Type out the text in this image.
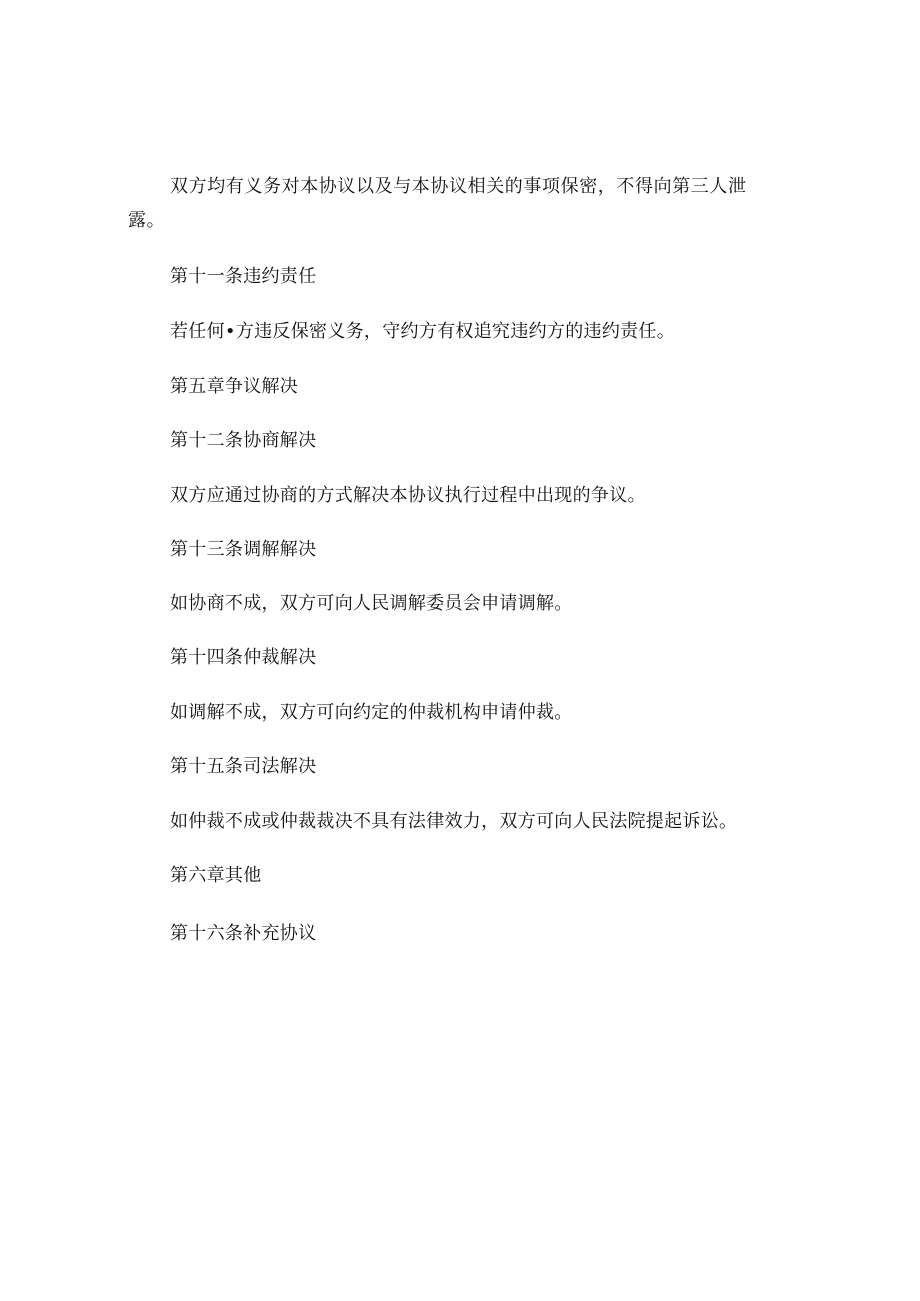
双方均有义务对本协议以及与本协议相关的事项保密，不得向第三人泄露。

第十一条违约责任
若任何•方违反保密义务，守约方有权追究违约方的违约责任。
第五章争议解决
第十二条协商解决
双方应通过协商的方式解决本协议执行过程中出现的争议。
第十三条调解解决
如协商不成，双方可向人民调解委员会申请调解。
第十四条仲裁解决
如调解不成，双方可向约定的仲裁机构申请仲裁。
第十五条司法解决
如仲裁不成或仲裁裁决不具有法律效力，双方可向人民法院提起诉讼。
第六章其他
第十六条补充协议
